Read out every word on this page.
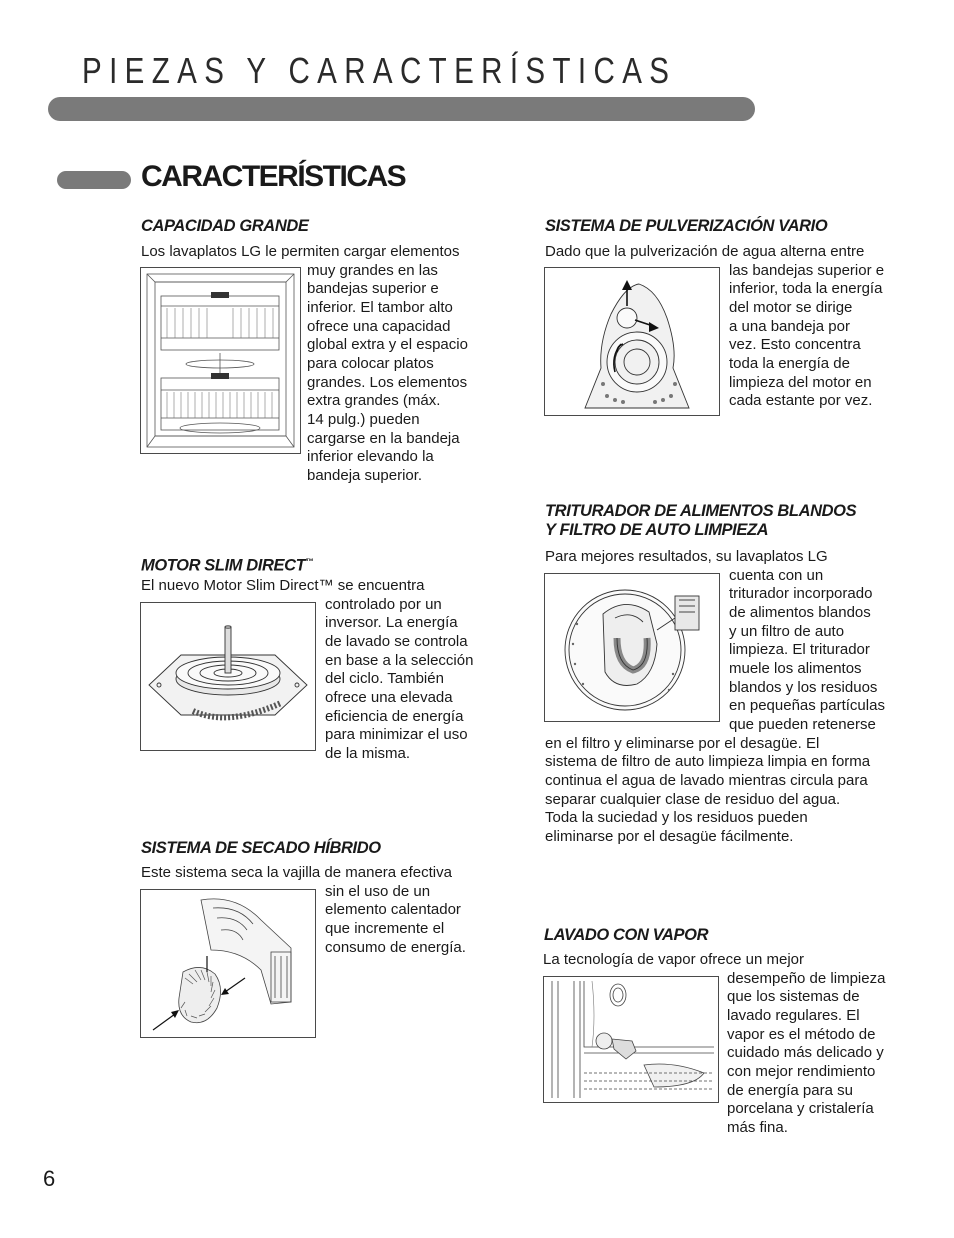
PIEZAS Y CARACTERÍSTICAS
CARACTERÍSTICAS
CAPACIDAD GRANDE
Los lavaplatos LG le permiten cargar elementos
muy grandes en las
bandejas superior e
inferior. El tambor alto
ofrece una capacidad
global extra y el espacio
para colocar platos
grandes. Los elementos
extra grandes (máx.
14 pulg.) pueden
cargarse en la bandeja
inferior elevando la
bandeja superior.
MOTOR SLIM DIRECT™
El nuevo Motor Slim Direct™ se encuentra
controlado por un
inversor. La energía
de lavado se controla
en base a la selección
del ciclo. También
ofrece una elevada
eficiencia de energía
para minimizar el uso
de la misma.
SISTEMA DE SECADO HÍBRIDO
Este sistema seca la vajilla de manera efectiva
sin el uso de un
elemento calentador
que incremente el
consumo de energía.
SISTEMA DE PULVERIZACIÓN VARIO
Dado que la pulverización de agua alterna entre
las bandejas superior e
inferior, toda la energía
del motor se dirige
a una bandeja por
vez. Esto concentra
toda la energía de
limpieza del motor en
cada estante por vez.
TRITURADOR DE ALIMENTOS BLANDOS
Y FILTRO DE AUTO LIMPIEZA
Para mejores resultados, su lavaplatos LG
cuenta con un
triturador incorporado
de alimentos blandos
y un filtro de auto
limpieza. El triturador
muele los alimentos
blandos y los residuos
en pequeñas partículas
que pueden retenerse
en el filtro y eliminarse por el desagüe. El
sistema de filtro de auto limpieza limpia en forma
continua el agua de lavado mientras circula para
separar cualquier clase de residuo del agua.
Toda la suciedad y los residuos pueden
eliminarse por el desagüe fácilmente.
LAVADO CON VAPOR
La tecnología de vapor ofrece un mejor
desempeño de limpieza
que los sistemas de
lavado regulares. El
vapor es el método de
cuidado más delicado y
con mejor rendimiento
de energía para su
porcelana y cristalería
más fina.
6
